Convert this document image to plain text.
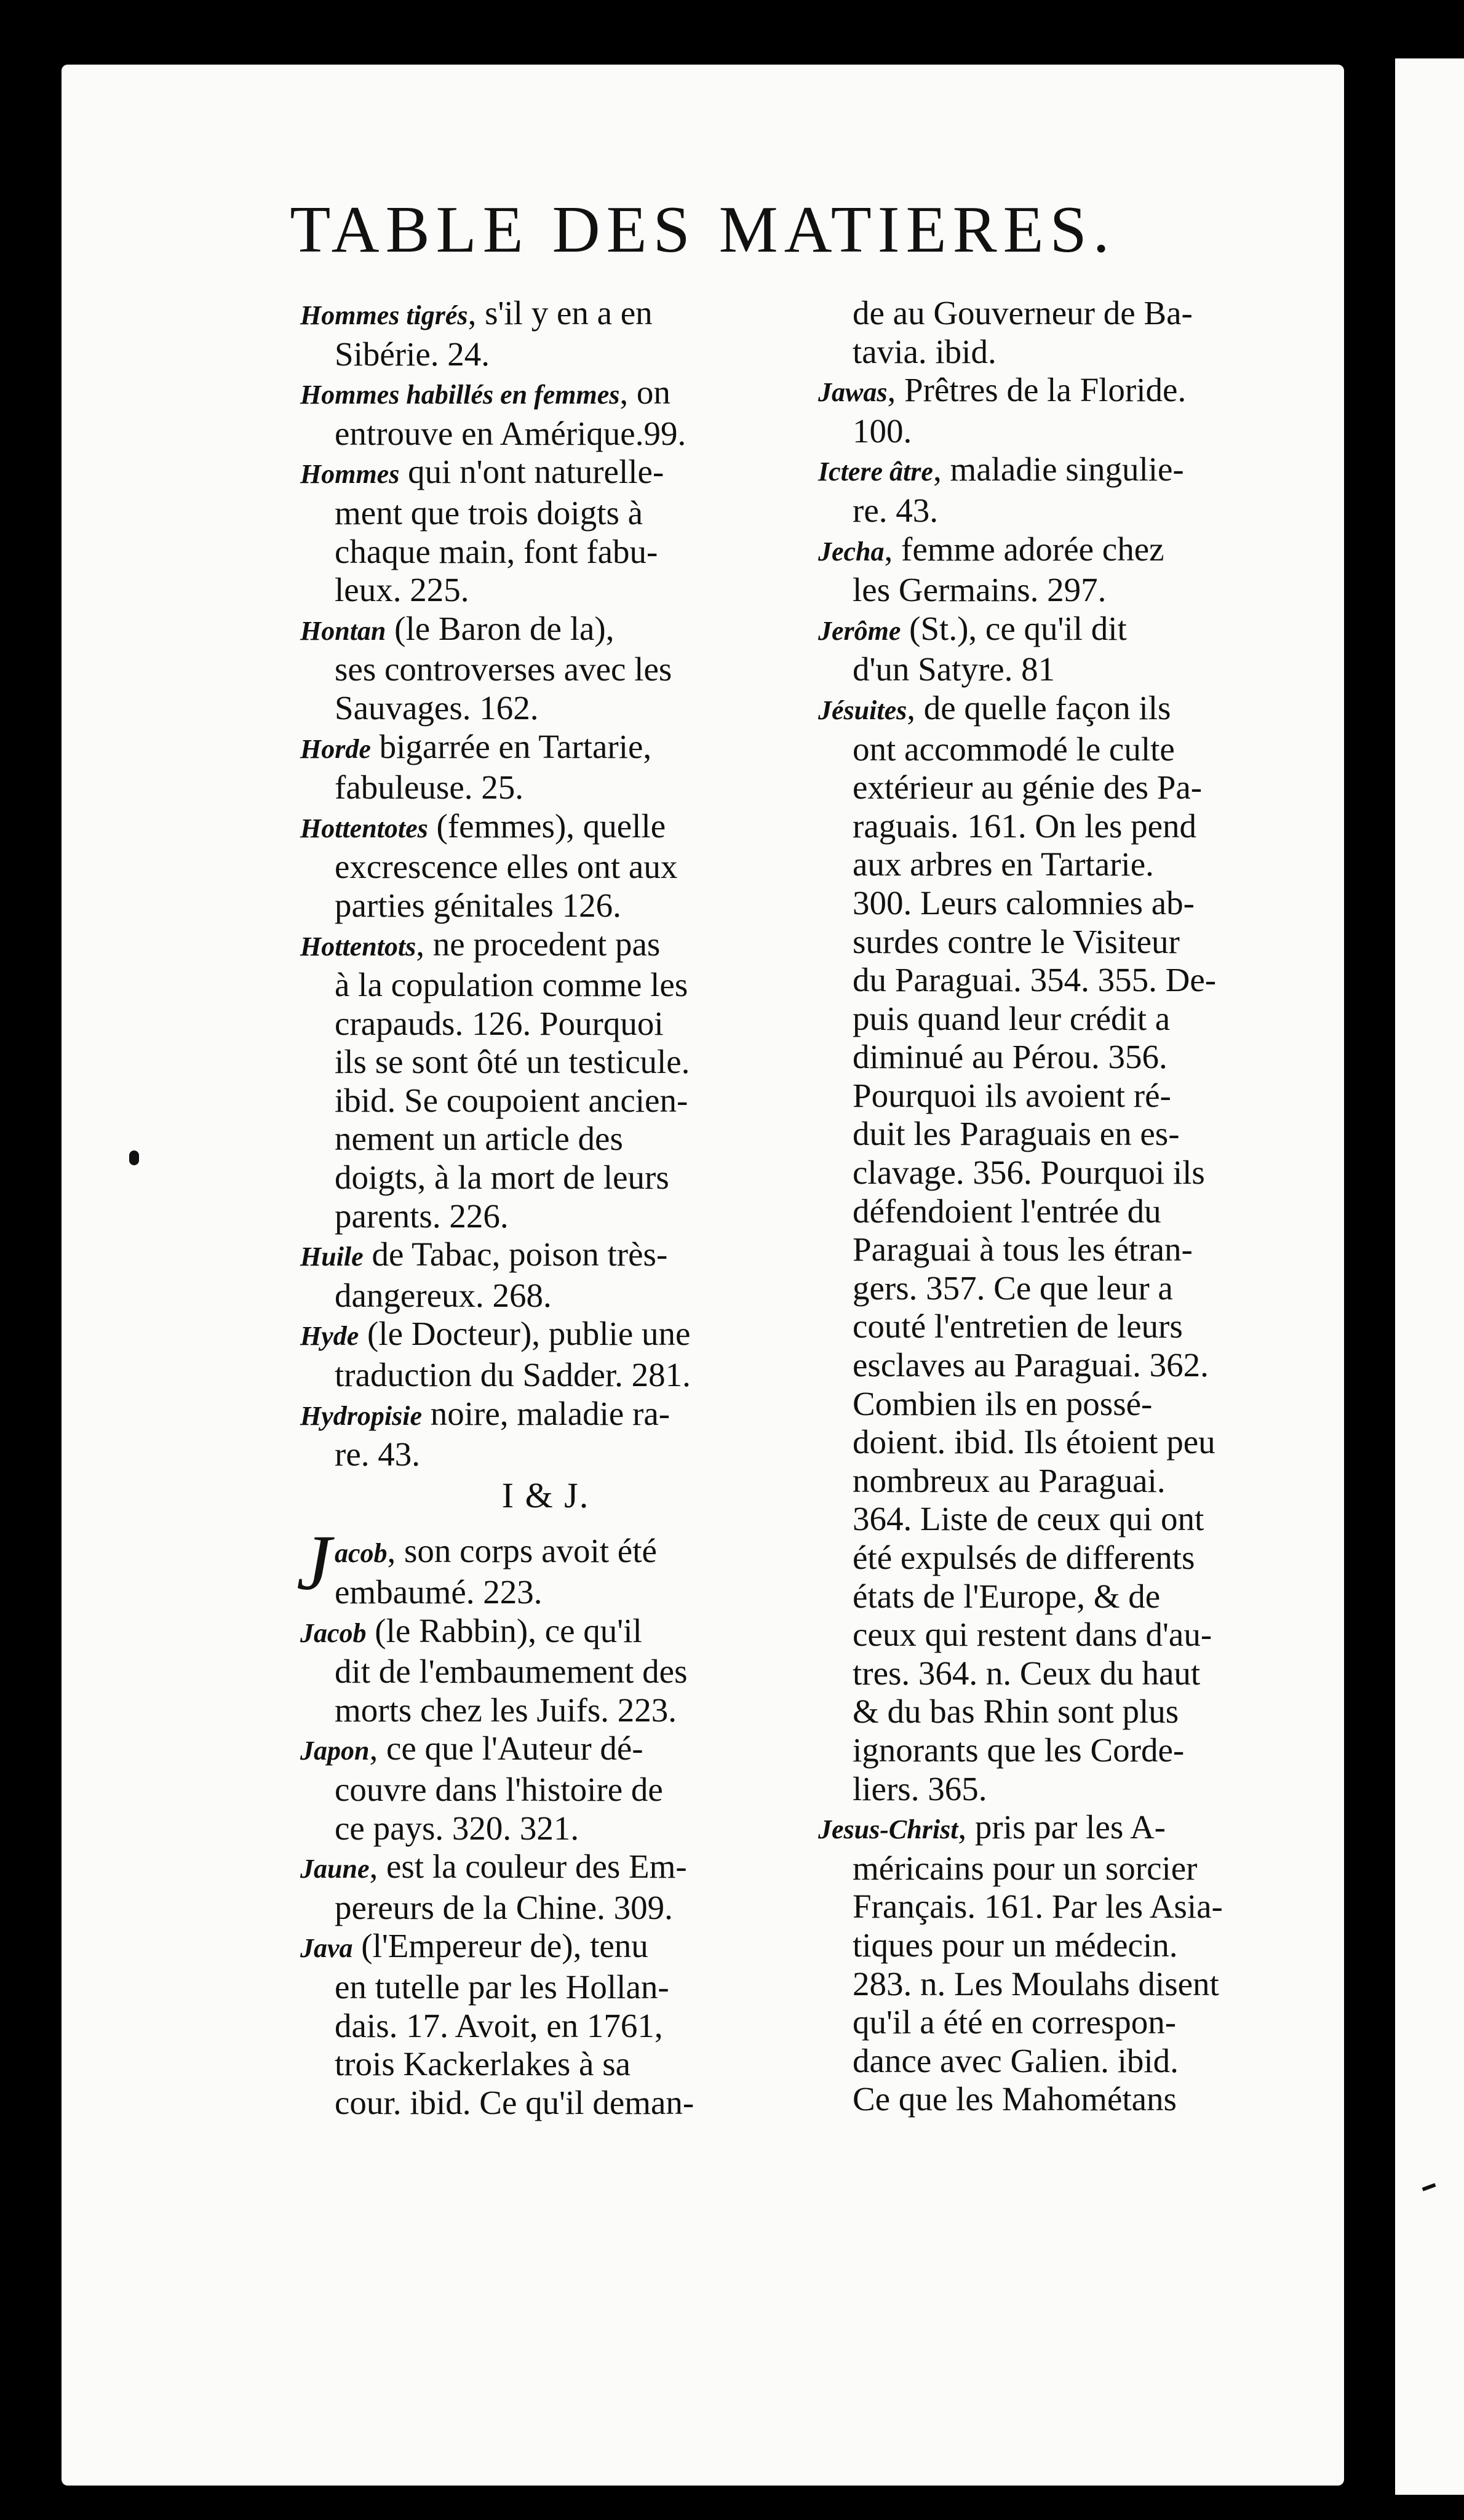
TABLE DES MATIERES.

Hommes tigrés, s'il y en a en
Sibérie. 24.

Hommes habillés en femmes, on
entrouve en Amérique.99.

Hommes qui n'ont naturelle-
ment que trois doigts à
chaque main, font fabu-
leux. 225.

Hontan (le Baron de la),
ses controverses avec les
Sauvages. 162.

Horde bigarrée en Tartarie,
fabuleuse. 25.

Hottentotes (femmes), quelle
excrescence elles ont aux
parties génitales 126.

Hottentots, ne procedent pas
à la copulation comme les
crapauds. 126. Pourquoi
ils se sont ôté un testicule.
ibid. Se coupoient ancien-
nement un article des
doigts, à la mort de leurs
parents. 226.

Huile de Tabac, poison très-
dangereux. 268.

Hyde (le Docteur), publie une
traduction du Sadder. 281.

Hydropisie noire, maladie ra-
re. 43.

I & J.

Jacob, son corps avoit été
embaumé. 223.

Jacob (le Rabbin), ce qu'il
dit de l'embaumement des
morts chez les Juifs. 223.

Japon, ce que l'Auteur dé-
couvre dans l'histoire de
ce pays. 320. 321.

Jaune, est la couleur des Em-
pereurs de la Chine. 309.

Java (l'Empereur de), tenu
en tutelle par les Hollan-
dais. 17. Avoit, en 1761,
trois Kackerlakes à sa
cour. ibid. Ce qu'il deman-

de au Gouverneur de Ba-
tavia. ibid.

Jawas, Prêtres de la Floride.
100.

Ictere âtre, maladie singulie-
re. 43.

Jecha, femme adorée chez
les Germains. 297.

Jerôme (St.), ce qu'il dit
d'un Satyre. 81

Jésuites, de quelle façon ils
ont accommodé le culte
extérieur au génie des Pa-
raguais. 161. On les pend
aux arbres en Tartarie.
300. Leurs calomnies ab-
surdes contre le Visiteur
du Paraguai. 354. 355. De-
puis quand leur crédit a
diminué au Pérou. 356.
Pourquoi ils avoient ré-
duit les Paraguais en es-
clavage. 356. Pourquoi ils
défendoient l'entrée du
Paraguai à tous les étran-
gers. 357. Ce que leur a
couté l'entretien de leurs
esclaves au Paraguai. 362.
Combien ils en possé-
doient. ibid. Ils étoient peu
nombreux au Paraguai.
364. Liste de ceux qui ont
été expulsés de differents
états de l'Europe, & de
ceux qui restent dans d'au-
tres. 364. n. Ceux du haut
& du bas Rhin sont plus
ignorants que les Corde-
liers. 365.

Jesus-Christ, pris par les A-
méricains pour un sorcier
Français. 161. Par les Asia-
tiques pour un médecin.
283. n. Les Moulahs disent
qu'il a été en correspon-
dance avec Galien. ibid.
Ce que les Mahométans
